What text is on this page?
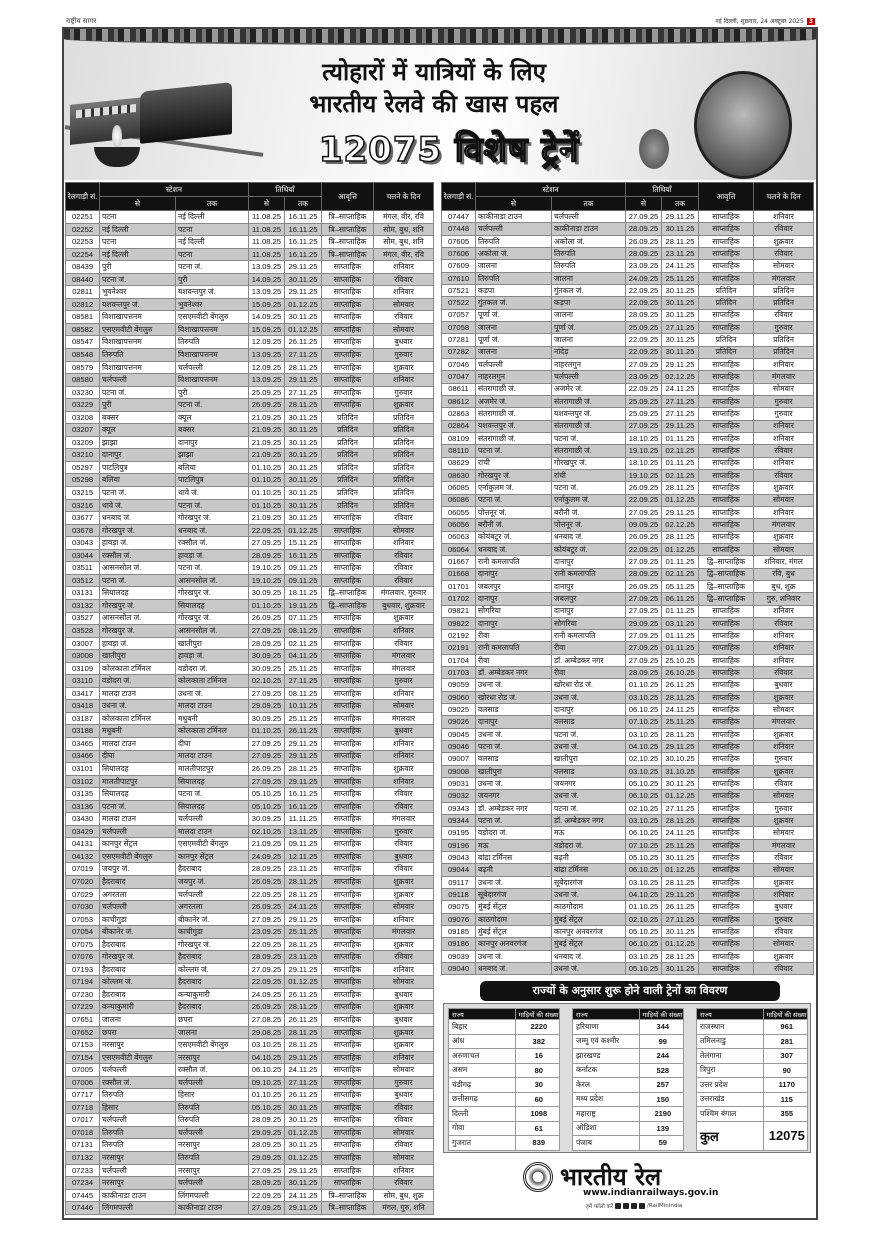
राष्ट्रीय सागर	नई दिल्ली, शुक्रवार, 24 अक्टूबर 2025 3
त्योहारों में यात्रियों के लिए
भारतीय रेलवे की खास पहल
12075 विशेष ट्रेनें
रेलगाड़ी सं.	स्टेशन		तिथियाँ		आवृत्ति	चलने के दिन
	से	तक	से	तक		
02251	पटना	नई दिल्ली	11.08.25	16.11.25	त्रि–साप्ताहिक	मंगल, वीर, रवि
02252	नई दिल्ली	पटना	11.08.25	16.11.25	त्रि–साप्ताहिक	सोम, बुध, शनि
02253	पटना	नई दिल्ली	11.08.25	16.11.25	त्रि–साप्ताहिक	सोम, बुध, शनि
02254	नई दिल्ली	पटना	11.08.25	16.11.25	त्रि–साप्ताहिक	मंगल, वीर, रवि
08439	पुरी	पटना जं.	13.09.25	29.11.25	साप्ताहिक	शनिवार
08440	पटना जं.	पुरी	14.09.25	30.11.25	साप्ताहिक	रविवार
02811	भुवनेश्वर	यशवन्तपुर जं.	13.09.25	29.11.25	साप्ताहिक	शनिवार
02812	यशवन्तपुर जं.	भुवनेश्वर	15.09.25	01.12.25	साप्ताहिक	सोमवार
08581	विशाखापत्तनम	एसएमवीटी बेंगलुरु	14.09.25	30.11.25	साप्ताहिक	रविवार
08582	एसएमवीटी बेंगलुरु	विशाखापत्तनम	15.09.25	01.12.25	साप्ताहिक	सोमवार
08547	विशाखापत्तनम	तिरुपति	12.09.25	26.11.25	साप्ताहिक	बुधवार
08548	तिरुपति	विशाखापत्तनम	13.09.25	27.11.25	साप्ताहिक	गुरुवार
08579	विशाखापत्तनम	चर्लपल्ली	12.09.25	28.11.25	साप्ताहिक	शुक्रवार
08580	चर्लपल्ली	विशाखापत्तनम	13.09.25	29.11.25	साप्ताहिक	शनिवार
03230	पटना जं.	पुरी	25.09.25	27.11.25	साप्ताहिक	गुरुवार
03229	पुरी	पटना जं.	26.09.25	28.11.25	साप्ताहिक	शुक्रवार
03208	बक्सर	क्यूल	21.09.25	30.11.25	प्रतिदिन	प्रतिदिन
03207	क्यूल	बक्सर	21.09.25	30.11.25	प्रतिदिन	प्रतिदिन
03209	झाझा	दानापुर	21.09.25	30.11.25	प्रतिदिन	प्रतिदिन
03210	दानापुर	झाझा	21.09.25	30.11.25	प्रतिदिन	प्रतिदिन
05297	पाटलिपुत्र	बलिया	01.10.25	30.11.25	प्रतिदिन	प्रतिदिन
05298	बलिया	पाटलिपुत्र	01.10.25	30.11.25	प्रतिदिन	प्रतिदिन
03215	पटना जं.	थावे जं.	01.10.25	30.11.25	प्रतिदिन	प्रतिदिन
03216	थावे जं.	पटना जं.	01.10.25	30.11.25	प्रतिदिन	प्रतिदिन
03677	धनबाद जं.	गोरखपुर जं.	21.09.25	30.11.25	साप्ताहिक	रविवार
03678	गोरखपुर जं.	धनबाद जं.	22.09.25	01.12.25	साप्ताहिक	सोमवार
03043	हावड़ा जं.	रक्सौल जं.	27.09.25	15.11.25	साप्ताहिक	शनिवार
03044	रक्सौल जं.	हावड़ा जं.	28.09.25	16.11.25	साप्ताहिक	रविवार
03511	आसनसोल जं.	पटना जं.	19.10.25	09.11.25	साप्ताहिक	रविवार
03512	पटना जं.	आसनसोल जं.	19.10.25	09.11.25	साप्ताहिक	रविवार
03131	सियालदह	गोरखपुर जं.	30.09.25	18.11.25	द्वि–साप्ताहिक	मंगलवार, गुरुवार
03132	गोरखपुर जं.	सियालदह	01.10.25	19.11.25	द्वि–साप्ताहिक	बुधवार, शुक्रवार
03527	आसनसोल जं.	गोरखपुर जं.	26.09.25	07.11.25	साप्ताहिक	शुक्रवार
03528	गोरखपुर जं.	आसनसोल जं.	27.09.25	08.11.25	साप्ताहिक	शनिवार
03007	हावड़ा जं.	खातीपुरा	28.09.25	02.11.25	साप्ताहिक	रविवार
03008	खातीपुरा	हावड़ा जं.	30.09.25	04.11.25	साप्ताहिक	मंगलवार
03109	कोलकाता टर्मिनल	वडोदरा जं.	30.09.25	25.11.25	साप्ताहिक	मंगलवार
03110	वडोदरा जं.	कोलकाता टर्मिनल	02.10.25	27.11.25	साप्ताहिक	गुरुवार
03417	मालदा टाउन	उधना जं.	27.09.25	08.11.25	साप्ताहिक	शनिवार
03418	उधना जं.	मालदा टाउन	29.09.25	10.11.25	साप्ताहिक	सोमवार
03187	कोलकाता टर्मिनल	मधुबनी	30.09.25	25.11.25	साप्ताहिक	मंगलवार
03188	मधुबनी	कोलकाता टर्मिनल	01.10.25	26.11.25	साप्ताहिक	बुधवार
03465	मालदा टाउन	दीघा	27.09.25	29.11.25	साप्ताहिक	शनिवार
03466	दीघा	मालदा टाउन	27.09.25	29.11.25	साप्ताहिक	शनिवार
03101	सियालदह	मालतीपाटपुर	26.09.25	28.11.25	साप्ताहिक	शुक्रवार
03102	मालतीपाटपुर	सियालदह	27.09.25	29.11.25	साप्ताहिक	शनिवार
03135	सियालदह	पटना जं.	05.10.25	16.11.25	साप्ताहिक	रविवार
03136	पटना जं.	सियालदह	05.10.25	16.11.25	साप्ताहिक	रविवार
03430	मालदा टाउन	चर्लपल्ली	30.09.25	11.11.25	साप्ताहिक	मंगलवार
03429	चर्लपल्ली	मालदा टाउन	02.10.25	13.11.25	साप्ताहिक	गुरुवार
04131	कानपुर सेंट्रल	एसएमवीटी बेंगलुरु	21.09.25	09.11.25	साप्ताहिक	रविवार
04132	एसएमवीटी बेंगलुरु	कानपुर सेंट्रल	24.09.25	12.11.25	साप्ताहिक	बुधवार
07019	जयपुर जं.	हैदराबाद	28.09.25	23.11.25	साप्ताहिक	रविवार
07020	हैदराबाद	जयपुर जं.	26.09.25	28.11.25	साप्ताहिक	शुक्रवार
07029	अगरतला	चर्लपल्ली	22.09.25	28.11.25	साप्ताहिक	शुक्रवार
07030	चर्लपल्ली	अगरतला	26.09.25	24.11.25	साप्ताहिक	सोमवार
07053	काचीगुडा	बीकानेर जं.	27.09.25	29.11.25	साप्ताहिक	शनिवार
07054	बीकानेर जं.	काचीगुडा	23.09.25	25.11.25	साप्ताहिक	मंगलवार
07075	हैदराबाद	गोरखपुर जं.	22.09.25	28.11.25	साप्ताहिक	शुक्रवार
07076	गोरखपुर जं.	हैदराबाद	28.09.25	23.11.25	साप्ताहिक	रविवार
07193	हैदराबाद	कोल्लम जं.	27.09.25	29.11.25	साप्ताहिक	शनिवार
07194	कोल्लम जं.	हैदराबाद	22.09.25	01.12.25	साप्ताहिक	सोमवार
07230	हैदराबाद	कन्याकुमारी	24.09.25	26.11.25	साप्ताहिक	बुधवार
07229	कन्याकुमारी	हैदराबाद	26.09.25	28.11.25	साप्ताहिक	शुक्रवार
07651	जालना	छपरा	27.08.25	26.11.25	साप्ताहिक	बुधवार
07652	छपरा	जालना	29.08.25	28.11.25	साप्ताहिक	शुक्रवार
07153	नरसापुर	एसएमवीटी बेंगलुरु	03.10.25	28.11.25	साप्ताहिक	शुक्रवार
07154	एसएमवीटी बेंगलुरु	नरसापुर	04.10.25	29.11.25	साप्ताहिक	शनिवार
07005	चर्लपल्ली	रक्सौल जं.	06.10.25	24.11.25	साप्ताहिक	सोमवार
07006	रक्सौल जं.	चर्लपल्ली	09.10.25	27.11.25	साप्ताहिक	गुरुवार
07717	तिरुपति	हिसार	01.10.25	26.11.25	साप्ताहिक	बुधवार
07718	हिसार	तिरुपति	05.10.25	30.11.25	साप्ताहिक	रविवार
07017	चर्लपल्ली	तिरुपति	28.09.25	30.11.25	साप्ताहिक	रविवार
07018	तिरुपति	चर्लपल्ली	29.09.25	01.12.25	साप्ताहिक	सोमवार
07131	तिरुपति	नरसापुर	28.09.25	30.11.25	साप्ताहिक	रविवार
07132	नरसापुर	तिरुपति	29.09.25	01.12.25	साप्ताहिक	सोमवार
07233	चर्लपल्ली	नरसापुर	27.09.25	29.11.25	साप्ताहिक	शनिवार
07234	नरसापुर	चर्लपल्ली	28.09.25	30.11.25	साप्ताहिक	रविवार
07445	काकीनाडा टाउन	लिंगमपल्ली	22.09.25	24.11.25	त्रि–साप्ताहिक	सोम, बुध, शुक्र
07446	लिंगमपल्ली	काकीनाडा टाउन	27.09.25	29.11.25	त्रि–साप्ताहिक	मंगल, गुरु, शनि
रेलगाड़ी सं.	स्टेशन		तिथियाँ		आवृत्ति	चलने के दिन
	से	तक	से	तक		
07447	काकीनाडा टाउन	चर्लपल्ली	27.09.25	29.11.25	साप्ताहिक	शनिवार
07448	चर्लपल्ली	काकीनाडा टाउन	28.09.25	30.11.25	साप्ताहिक	रविवार
07605	तिरुपति	अकोला जं.	26.09.25	28.11.25	साप्ताहिक	शुक्रवार
07606	अकोला जं.	तिरुपति	28.09.25	23.11.25	साप्ताहिक	रविवार
07609	जालना	तिरुपति	23.09.25	24.11.25	साप्ताहिक	सोमवार
07610	तिरुपति	जालना	24.09.25	25.11.25	साप्ताहिक	मंगलवार
07521	कड़पा	गुंतकल जं.	22.09.25	30.11.25	प्रतिदिन	प्रतिदिन
07522	गुंतकल जं.	कड़पा	22.09.25	30.11.25	प्रतिदिन	प्रतिदिन
07057	पूर्णा जं.	जालना	28.09.25	30.11.25	साप्ताहिक	रविवार
07058	जालना	पूर्णा जं.	25.09.25	27.11.25	साप्ताहिक	गुरुवार
07281	पूर्णा जं.	जालना	22.09.25	30.11.25	प्रतिदिन	प्रतिदिन
07282	जालना	नांदेड़	22.09.25	30.11.25	प्रतिदिन	प्रतिदिन
07046	चर्लपल्ली	नाहरलगुन	27.09.25	29.11.25	साप्ताहिक	शनिवार
07047	नाहरलगुन	चर्लपल्ली	23.09.25	02.12.25	साप्ताहिक	मंगलवार
08611	संतरागाछी जं.	अजमेर जं.	22.09.25	24.11.25	साप्ताहिक	सोमवार
08612	अजमेर जं.	संतरागाछी जं.	25.09.25	27.11.25	साप्ताहिक	गुरुवार
02863	संतरागाछी जं.	यशवन्तपुर जं.	25.09.25	27.11.25	साप्ताहिक	गुरुवार
02864	यशवन्तपुर जं.	संतरागाछी जं.	27.09.25	29.11.25	साप्ताहिक	शनिवार
08109	संतरागाछी जं.	पटना जं.	18.10.25	01.11.25	साप्ताहिक	शनिवार
08110	पटना जं.	संतरागाछी जं.	19.10.25	02.11.25	साप्ताहिक	रविवार
08629	रांची	गोरखपुर जं.	18.10.25	01.11.25	साप्ताहिक	शनिवार
08630	गोरखपुर जं.	रांची	19.10.25	02.11.25	साप्ताहिक	रविवार
06085	एर्नाकुलम जं.	पटना जं.	26.09.25	28.11.25	साप्ताहिक	शुक्रवार
06086	पटना जं.	एर्नाकुलम जं.	22.09.25	01.12.25	साप्ताहिक	सोमवार
06055	पोत्तनूर जं.	बरौनी जं.	27.09.25	29.11.25	साप्ताहिक	शनिवार
06056	बरौनी जं.	पोत्तनूर जं.	09.09.25	02.12.25	साप्ताहिक	मंगलवार
06063	कोयंबटूर जं.	धनबाद जं.	26.09.25	28.11.25	साप्ताहिक	शुक्रवार
06064	धनबाद जं.	कोयंबटूर जं.	22.09.25	01.12.25	साप्ताहिक	सोमवार
01667	रानी कमलापति	दानापुर	27.09.25	01.11.25	द्वि–साप्ताहिक	शनिवार, मंगल
01668	दानापुर	रानी कमलापति	28.09.25	02.11.25	द्वि–साप्ताहिक	रवि, बुध
01701	जबलपुर	दानापुर	26.09.25	05.11.25	द्वि–साप्ताहिक	बुध, शुक्र
01702	दानापुर	जबलपुर	27.09.25	06.11.25	द्वि–साप्ताहिक	गुरु, शनिवार
09821	सोगरिया	दानापुर	27.09.25	01.11.25	साप्ताहिक	शनिवार
09822	दानापुर	सोगरिया	29.09.25	03.11.25	साप्ताहिक	रविवार
02192	रीवा	रानी कमलापति	27.09.25	01.11.25	साप्ताहिक	शनिवार
02191	रानी कमलापति	रीवा	27.09.25	01.11.25	साप्ताहिक	शनिवार
01704	रीवा	डॉ. अम्बेडकर नगर	27.09.25	25.10.25	साप्ताहिक	शनिवार
01703	डॉ. अम्बेडकर नगर	रीवा	28.09.25	26.10.25	साप्ताहिक	रविवार
09059	उधना जं.	खोरधा रोड जं.	01.10.25	26.11.25	साप्ताहिक	बुधवार
09060	खोरधा रोड जं.	उधना जं.	03.10.25	28.11.25	साप्ताहिक	शुक्रवार
09025	वलसाड	दानापुर	06.10.25	24.11.25	साप्ताहिक	सोमवार
09026	दानापुर	वलसाड	07.10.25	25.11.25	साप्ताहिक	मंगलवार
09045	उधना जं.	पटना जं.	03.10.25	28.11.25	साप्ताहिक	शुक्रवार
09046	पटना जं.	उधना जं.	04.10.25	29.11.25	साप्ताहिक	शनिवार
09007	वलसाड	खातीपुरा	02.10.25	30.10.25	साप्ताहिक	गुरुवार
09008	खातीपुरा	वलसाड	03.10.25	31.10.25	साप्ताहिक	शुक्रवार
09031	उधना जं.	जयनगर	05.10.25	30.11.25	साप्ताहिक	रविवार
09032	जयनगर	उधना जं.	06.10.25	01.12.25	साप्ताहिक	सोमवार
09343	डॉ. अम्बेडकर नगर	पटना जं.	02.10.25	27.11.25	साप्ताहिक	गुरुवार
09344	पटना जं.	डॉ. अम्बेडकर नगर	03.10.25	28.11.25	साप्ताहिक	शुक्रवार
09195	वडोदरा जं.	मऊ	06.10.25	24.11.25	साप्ताहिक	सोमवार
09196	मऊ	वडोदरा जं.	07.10.25	25.11.25	साप्ताहिक	मंगलवार
09043	बांद्रा टर्मिनस	बढ़नी	05.10.25	30.11.25	साप्ताहिक	रविवार
09044	बढ़नी	बांद्रा टर्मिनस	06.10.25	01.12.25	साप्ताहिक	सोमवार
09117	उधना जं.	सूबेदारगंज	03.10.25	28.11.25	साप्ताहिक	शुक्रवार
09118	सूबेदारगंज	उधना जं.	04.10.25	29.11.25	साप्ताहिक	शनिवार
09075	मुंबई सेंट्रल	काठगोदाम	01.10.25	26.11.25	साप्ताहिक	बुधवार
09076	काठगोदाम	मुंबई सेंट्रल	02.10.25	27.11.25	साप्ताहिक	गुरुवार
09185	मुंबई सेंट्रल	कानपुर अनवरगंज	05.10.25	30.11.25	साप्ताहिक	रविवार
09186	कानपुर अनवरगंज	मुंबई सेंट्रल	06.10.25	01.12.25	साप्ताहिक	सोमवार
09039	उधना जं.	धनबाद जं.	03.10.25	28.11.25	साप्ताहिक	शुक्रवार
09040	धनबाद जं.	उधना जं.	05.10.25	30.11.25	साप्ताहिक	रविवार
राज्यों के अनुसार शुरू होने वाली ट्रेनों का विवरण
राज्य	गाड़ियों की संख्या
बिहार	2220
आंध्र	382
अरुणाचल	16
असम	80
चंडीगढ़	30
छत्तीसगढ़	60
दिल्ली	1098
गोवा	61
गुजरात	839
राज्य	गाड़ियों की संख्या
हरियाणा	344
जम्मू एवं कश्मीर	99
झारखण्ड	244
कर्नाटक	528
केरल	257
मध्य प्रदेश	150
महाराष्ट्र	2190
ओडिशा	139
पंजाब	59
राज्य	गाड़ियों की संख्या
राजस्थान	961
तमिलनाडु	281
तेलंगाना	307
त्रिपुरा	90
उत्तर प्रदेश	1170
उत्तराखंड	115
पश्चिम बंगाल	355
कुल	12075
भारतीय रेल
www.indianrailways.gov.in
हमें फॉलो करें	/RailMinIndia
